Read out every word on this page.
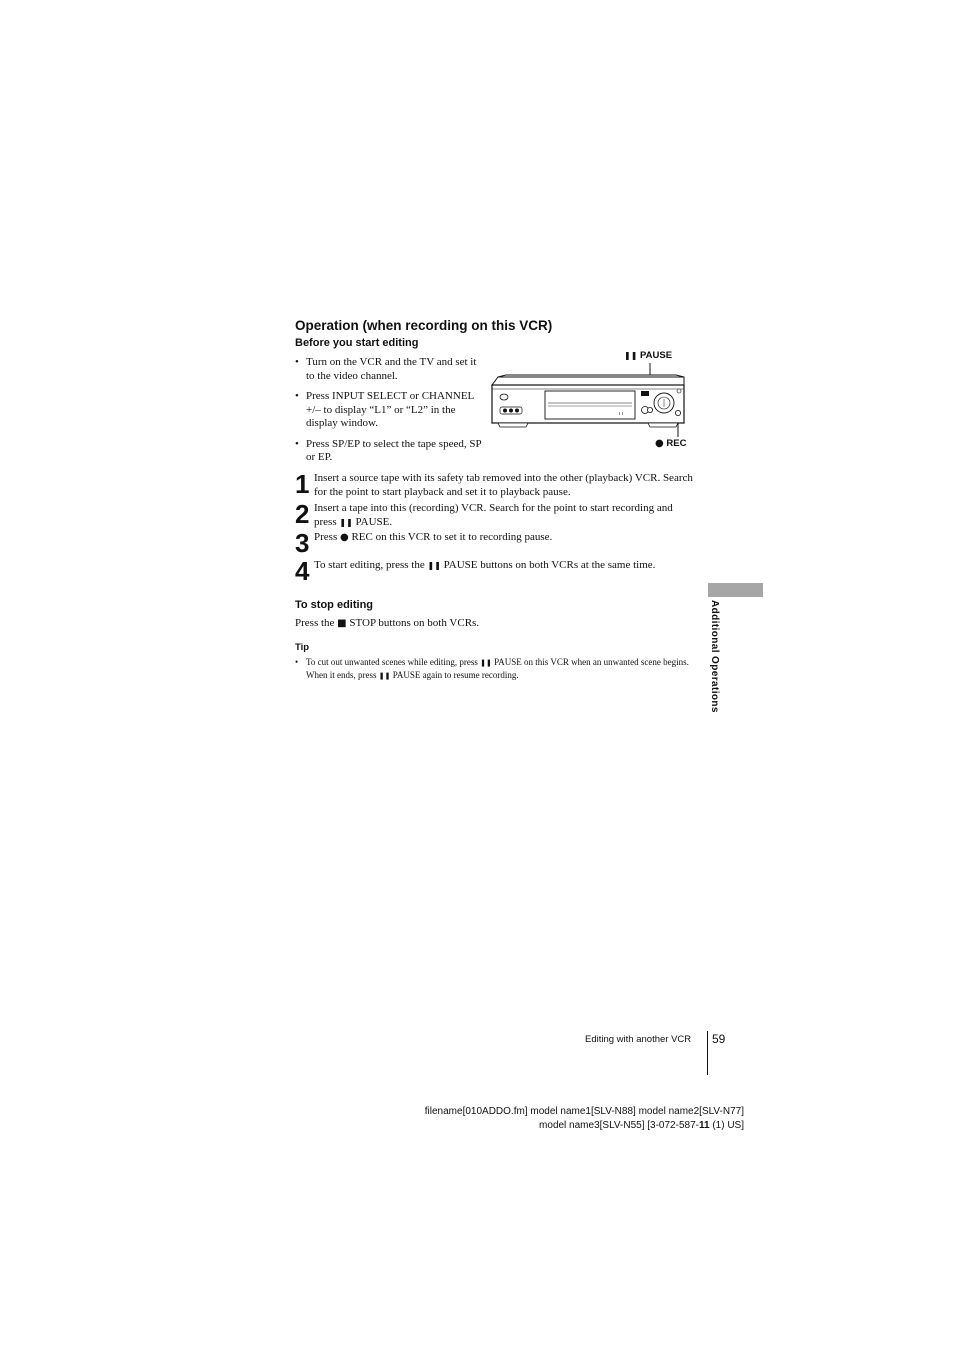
Operation (when recording on this VCR)
Before you start editing
• Turn on the VCR and the TV and set it to the video channel.
• Press INPUT SELECT or CHANNEL +/– to display “L1” or “L2” in the display window.
• Press SP/EP to select the tape speed, SP or EP.
❚❚ PAUSE
ı ı
● REC
1 Insert a source tape with its safety tab removed into the other (playback) VCR. Search for the point to start playback and set it to playback pause.
2 Insert a tape into this (recording) VCR. Search for the point to start recording and press ❚❚ PAUSE.
3 Press ● REC on this VCR to set it to recording pause.
4 To start editing, press the ❚❚ PAUSE buttons on both VCRs at the same time.
To stop editing
Press the ■ STOP buttons on both VCRs.
Tip
• To cut out unwanted scenes while editing, press ❚❚ PAUSE on this VCR when an unwanted scene begins. When it ends, press ❚❚ PAUSE again to resume recording.	Additional Operations
Editing with another VCR 59
filename[010ADDO.fm] model name1[SLV-N88] model name2[SLV-N77]
model name3[SLV-N55] [3-072-587-11 (1) US]
